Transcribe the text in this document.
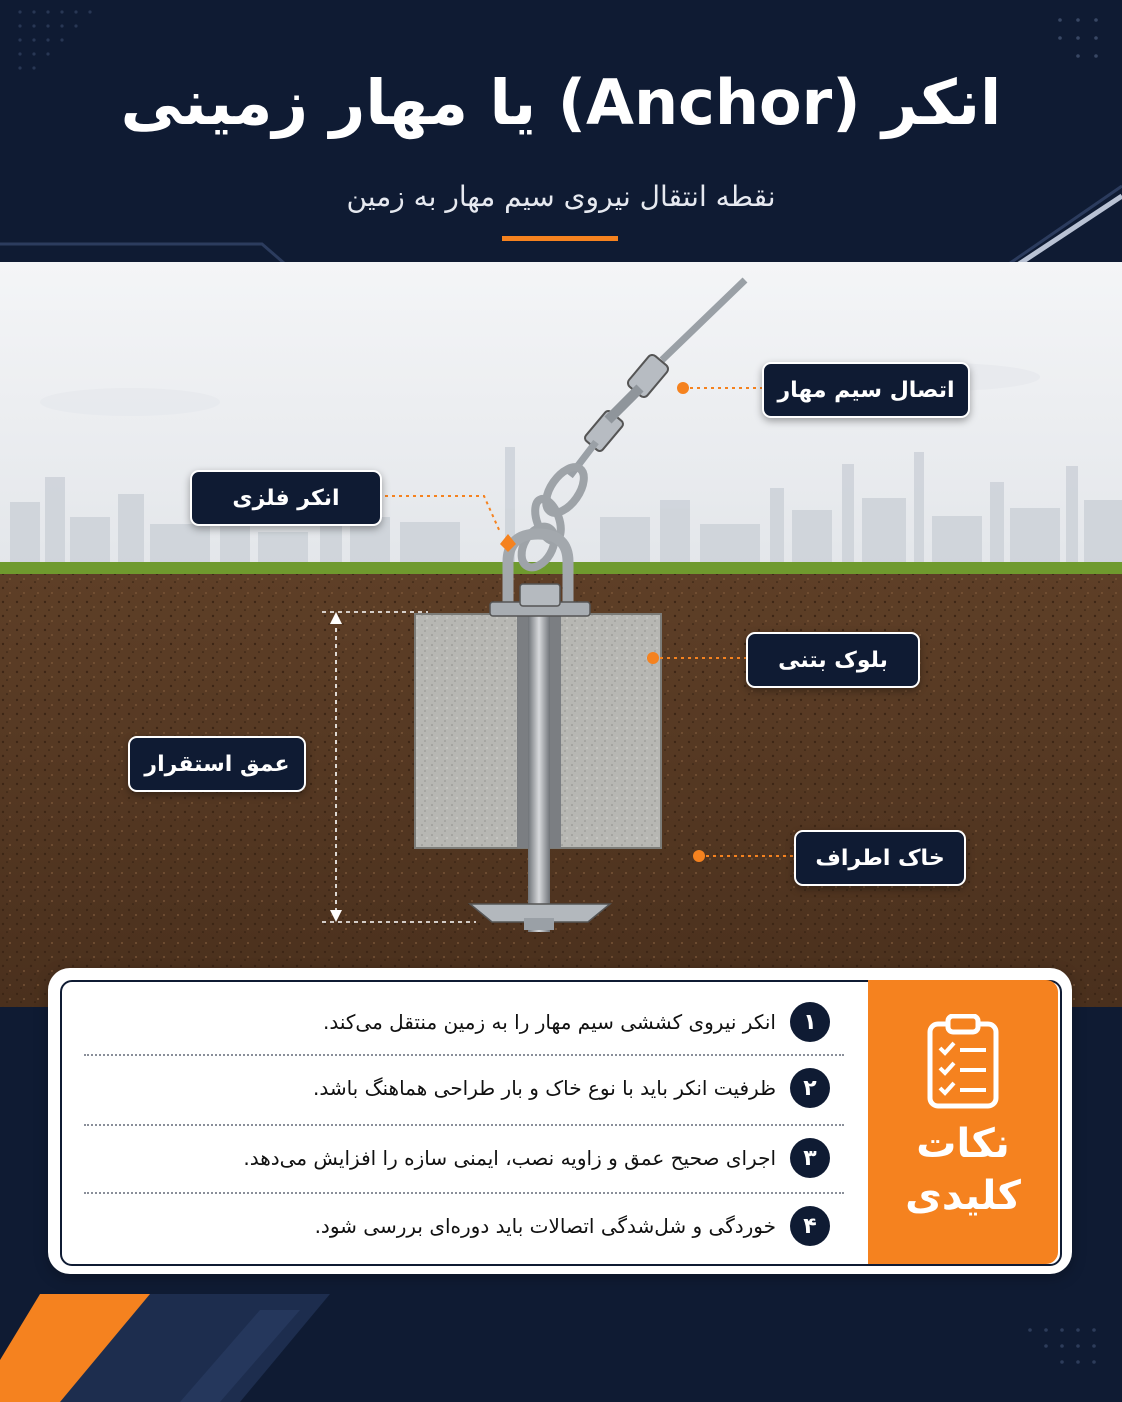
انکر (Anchor) یا مهار زمینی
نقطه انتقال نیروی سیم مهار به زمین
اتصال سیم مهار
انکر فلزی
بلوک بتنی
عمق استقرار
خاک اطراف
نکات
کلیدی
۱
انکر نیروی کششی سیم مهار را به زمین منتقل می‌کند.
۲
ظرفیت انکر باید با نوع خاک و بار طراحی هماهنگ باشد.
۳
اجرای صحیح عمق و زاویه نصب، ایمنی سازه را افزایش می‌دهد.
۴
خوردگی و شل‌شدگی اتصالات باید دوره‌ای بررسی شود.
